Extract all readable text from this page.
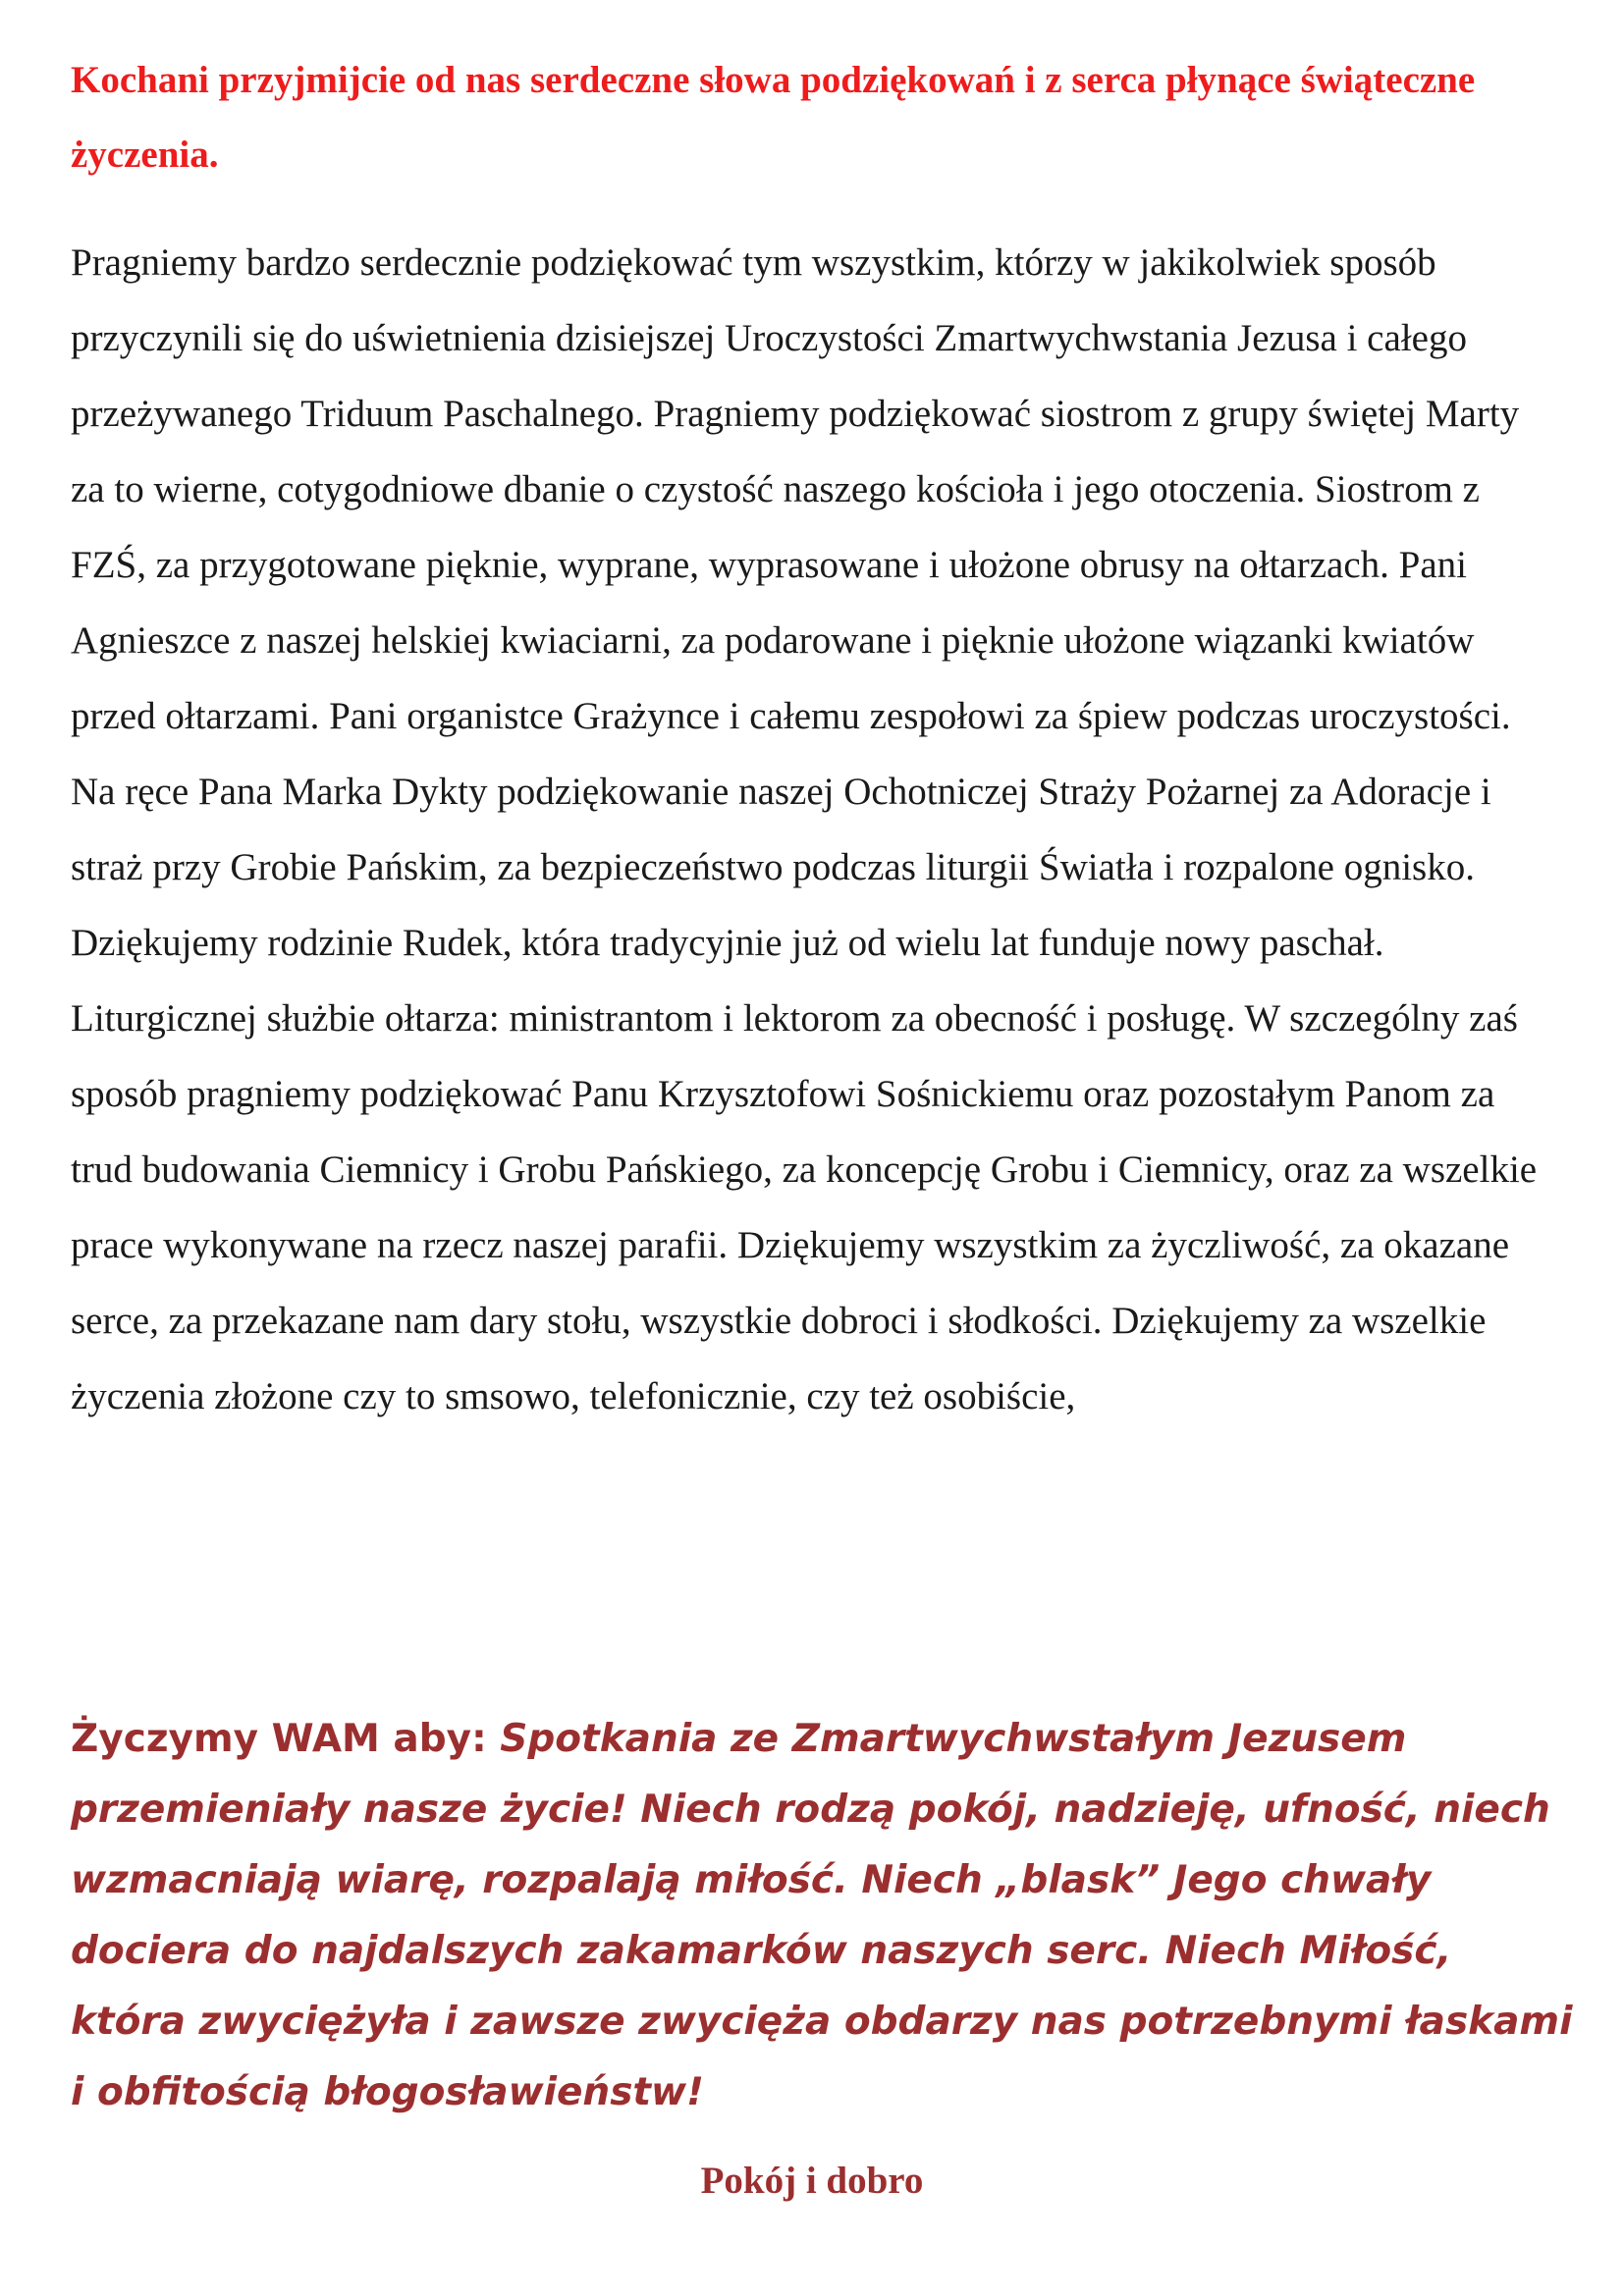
Kochani przyjmijcie od nas serdeczne słowa podziękowań i z serca płynące świąteczne życzenia.

Pragniemy bardzo serdecznie podziękować tym wszystkim, którzy w jakikolwiek sposób przyczynili się do uświetnienia dzisiejszej Uroczystości Zmartwychwstania Jezusa i całego przeżywanego Triduum Paschalnego. Pragniemy podziękować siostrom z grupy świętej Marty za to wierne, cotygodniowe dbanie o czystość naszego kościoła i jego otoczenia. Siostrom z FZŚ, za przygotowane pięknie, wyprane, wyprasowane i ułożone obrusy na ołtarzach. Pani Agnieszce z naszej helskiej kwiaciarni, za podarowane i pięknie ułożone wiązanki kwiatów przed ołtarzami. Pani organistce Grażynce i całemu zespołowi za śpiew podczas uroczystości. Na ręce Pana Marka Dykty podziękowanie naszej Ochotniczej Straży Pożarnej za Adoracje i straż przy Grobie Pańskim, za bezpieczeństwo podczas liturgii Światła i rozpalone ognisko. Dziękujemy rodzinie Rudek, która tradycyjnie już od wielu lat funduje nowy paschał. Liturgicznej służbie ołtarza: ministrantom i lektorom za obecność i posługę. W szczególny zaś sposób pragniemy podziękować Panu Krzysztofowi Sośnickiemu oraz pozostałym Panom za trud budowania Ciemnicy i Grobu Pańskiego, za koncepcję Grobu i Ciemnicy, oraz za wszelkie prace wykonywane na rzecz naszej parafii. Dziękujemy wszystkim za życzliwość, za okazane serce, za przekazane nam dary stołu, wszystkie dobroci i słodkości. Dziękujemy za wszelkie życzenia złożone czy to smsowo, telefonicznie, czy też osobiście,

Życzymy WAM aby: Spotkania ze Zmartwychwstałym Jezusem przemieniały nasze życie! Niech rodzą pokój, nadzieję, ufność, niech wzmacniają wiarę, rozpalają miłość. Niech „blask” Jego chwały dociera do najdalszych zakamarków naszych serc. Niech Miłość, która zwyciężyła i zawsze zwycięża obdarzy nas potrzebnymi łaskami i obfitością błogosławieństw!

Pokój i dobro
